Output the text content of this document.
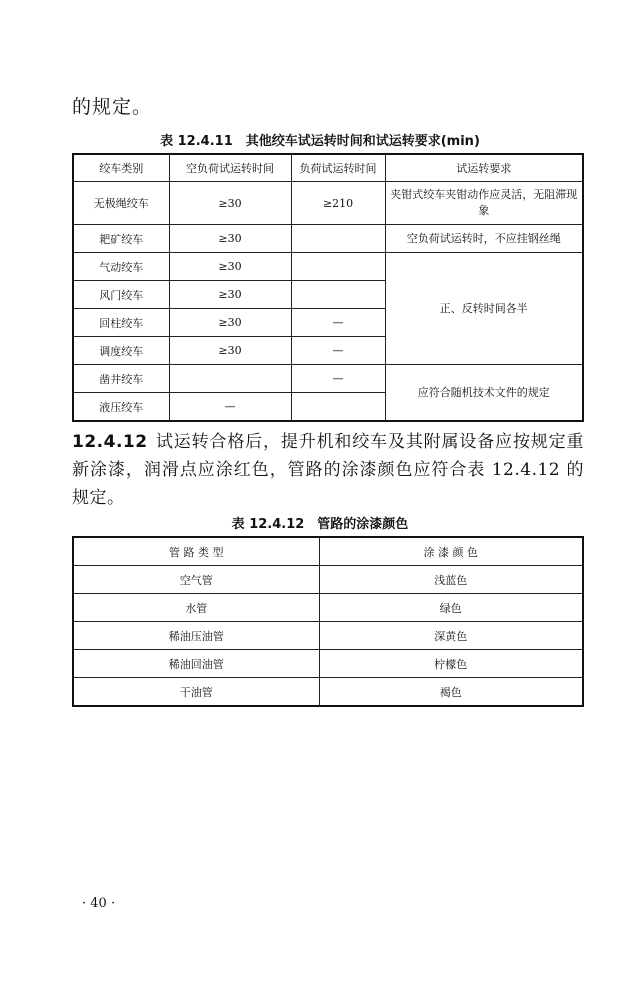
的规定。
表 12.4.11　其他绞车试运转时间和试运转要求(min)
绞车类别	空负荷试运转时间	负荷试运转时间	试运转要求
无极绳绞车	≥30	≥210	夹钳式绞车夹钳动作应灵活，无阻滞现象
耙矿绞车	≥30		空负荷试运转时，不应挂钢丝绳
气动绞车	≥30		正、反转时间各半
风门绞车	≥30		
回柱绞车	≥30	—	
调度绞车	≥30	—	
凿井绞车		—	应符合随机技术文件的规定
液压绞车	—		
12.4.12 试运转合格后，提升机和绞车及其附属设备应按规定重新涂漆，润滑点应涂红色，管路的涂漆颜色应符合表 12.4.12 的规定。
表 12.4.12　管路的涂漆颜色
管 路 类 型	涂 漆 颜 色
空气管	浅蓝色
水管	绿色
稀油压油管	深黄色
稀油回油管	柠檬色
干油管	褐色
· 40 ·
